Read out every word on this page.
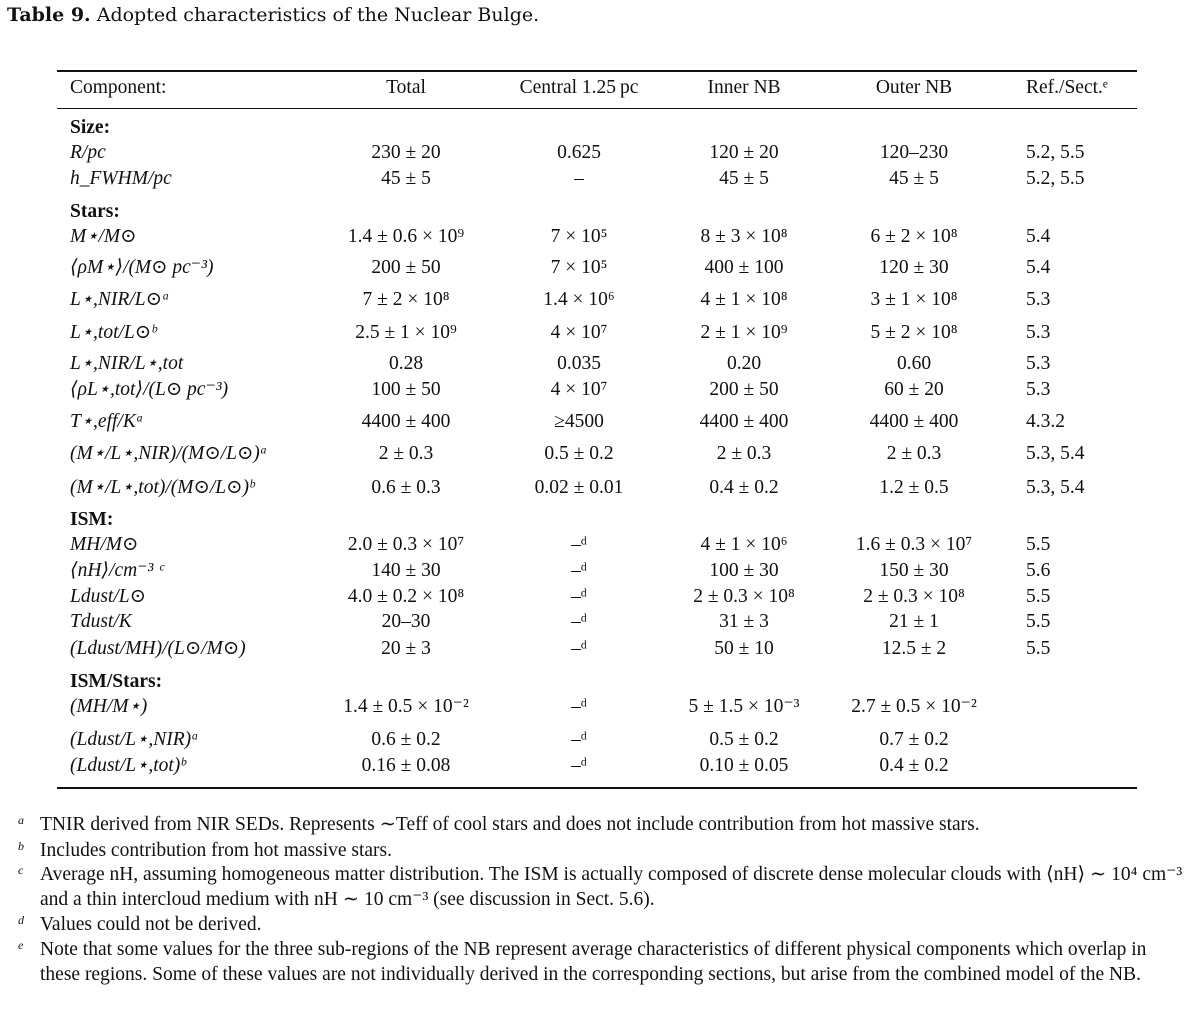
Table 9. Adopted characteristics of the Nuclear Bulge.
Component:	Total	Central 1.25 pc	Inner NB	Outer NB	Ref./Sect.ᵉ
Size:
R/pc	230 ± 20	0.625	120 ± 20	120–230	5.2, 5.5
h_FWHM/pc	45 ± 5	–	45 ± 5	45 ± 5	5.2, 5.5
Stars:
M⋆/M⊙	1.4 ± 0.6 × 10⁹	7 × 10⁵	8 ± 3 × 10⁸	6 ± 2 × 10⁸	5.4
⟨ρM⋆⟩/(M⊙ pc⁻³)	200 ± 50	7 × 10⁵	400 ± 100	120 ± 30	5.4
L⋆,NIR/L⊙ᵃ	7 ± 2 × 10⁸	1.4 × 10⁶	4 ± 1 × 10⁸	3 ± 1 × 10⁸	5.3
L⋆,tot/L⊙ᵇ	2.5 ± 1 × 10⁹	4 × 10⁷	2 ± 1 × 10⁹	5 ± 2 × 10⁸	5.3
L⋆,NIR/L⋆,tot	0.28	0.035	0.20	0.60	5.3
⟨ρL⋆,tot⟩/(L⊙ pc⁻³)	100 ± 50	4 × 10⁷	200 ± 50	60 ± 20	5.3
T⋆,eff/Kᵃ	4400 ± 400	≥4500	4400 ± 400	4400 ± 400	4.3.2
(M⋆/L⋆,NIR)/(M⊙/L⊙)ᵃ	2 ± 0.3	0.5 ± 0.2	2 ± 0.3	2 ± 0.3	5.3, 5.4
(M⋆/L⋆,tot)/(M⊙/L⊙)ᵇ	0.6 ± 0.3	0.02 ± 0.01	0.4 ± 0.2	1.2 ± 0.5	5.3, 5.4
ISM:
MH/M⊙	2.0 ± 0.3 × 10⁷	–ᵈ	4 ± 1 × 10⁶	1.6 ± 0.3 × 10⁷	5.5
⟨nH⟩/cm⁻³ ᶜ	140 ± 30	–ᵈ	100 ± 30	150 ± 30	5.6
Ldust/L⊙	4.0 ± 0.2 × 10⁸	–ᵈ	2 ± 0.3 × 10⁸	2 ± 0.3 × 10⁸	5.5
Tdust/K	20–30	–ᵈ	31 ± 3	21 ± 1	5.5
(Ldust/MH)/(L⊙/M⊙)	20 ± 3	–ᵈ	50 ± 10	12.5 ± 2	5.5
ISM/Stars:
(MH/M⋆)	1.4 ± 0.5 × 10⁻²	–ᵈ	5 ± 1.5 × 10⁻³	2.7 ± 0.5 × 10⁻²
(Ldust/L⋆,NIR)ᵃ	0.6 ± 0.2	–ᵈ	0.5 ± 0.2	0.7 ± 0.2
(Ldust/L⋆,tot)ᵇ	0.16 ± 0.08	–ᵈ	0.10 ± 0.05	0.4 ± 0.2
a TNIR derived from NIR SEDs. Represents ∼Teff of cool stars and does not include contribution from hot massive stars.
b Includes contribution from hot massive stars.
c Average nH, assuming homogeneous matter distribution. The ISM is actually composed of discrete dense molecular clouds with ⟨nH⟩ ∼ 10⁴ cm⁻³ and a thin intercloud medium with nH ∼ 10 cm⁻³ (see discussion in Sect. 5.6).
d Values could not be derived.
e Note that some values for the three sub-regions of the NB represent average characteristics of different physical components which overlap in these regions. Some of these values are not individually derived in the corresponding sections, but arise from the combined model of the NB.
